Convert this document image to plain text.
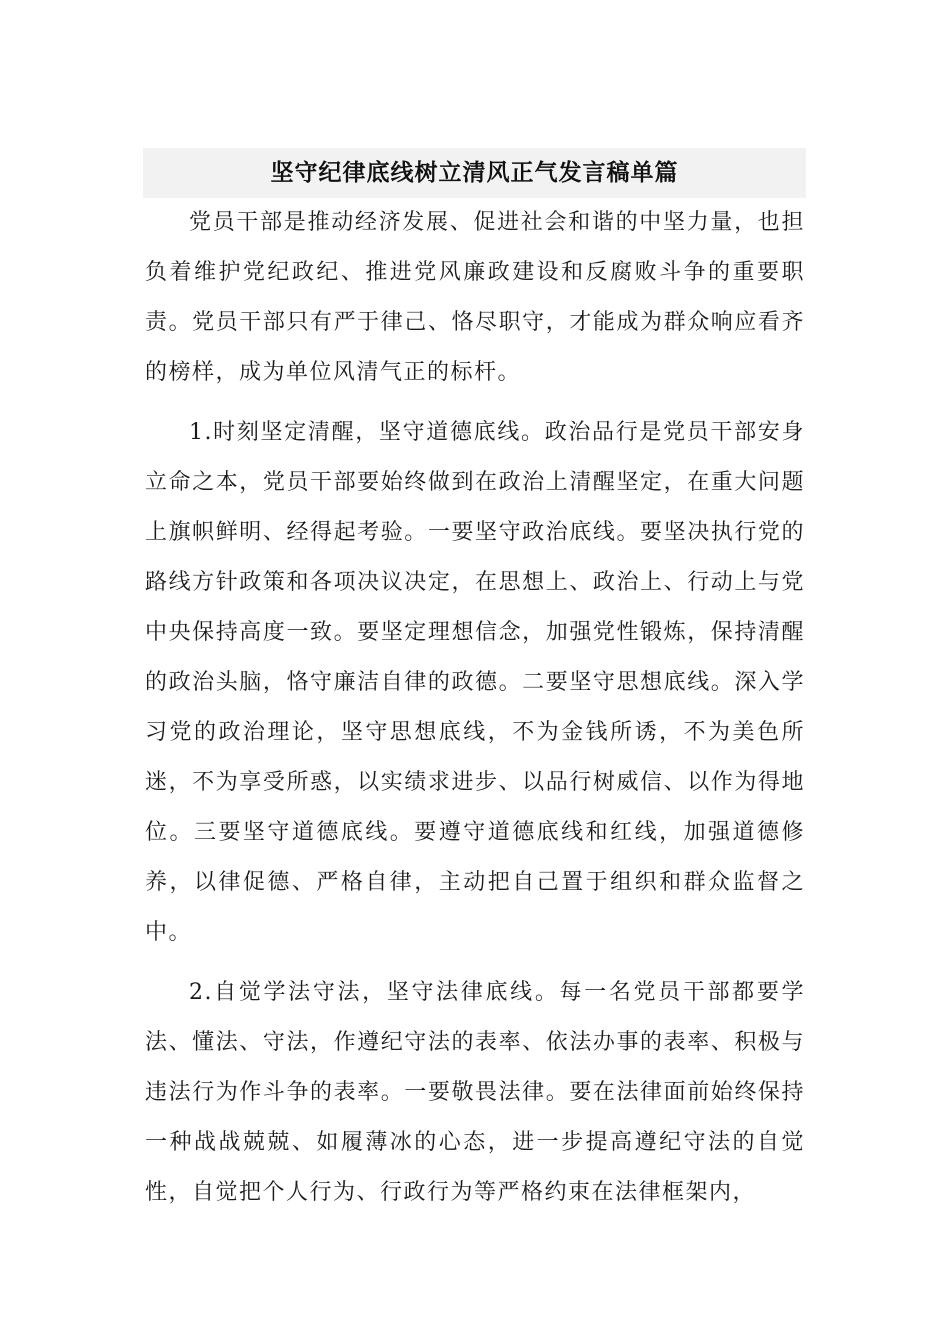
坚守纪律底线树立清风正气发言稿单篇

党员干部是推动经济发展、促进社会和谐的中坚力量，也担负着维护党纪政纪、推进党风廉政建设和反腐败斗争的重要职责。党员干部只有严于律己、恪尽职守，才能成为群众响应看齐的榜样，成为单位风清气正的标杆。

1.时刻坚定清醒，坚守道德底线。政治品行是党员干部安身立命之本，党员干部要始终做到在政治上清醒坚定，在重大问题上旗帜鲜明、经得起考验。一要坚守政治底线。要坚决执行党的路线方针政策和各项决议决定，在思想上、政治上、行动上与党中央保持高度一致。要坚定理想信念，加强党性锻炼，保持清醒的政治头脑，恪守廉洁自律的政德。二要坚守思想底线。深入学习党的政治理论，坚守思想底线，不为金钱所诱，不为美色所迷，不为享受所惑，以实绩求进步、以品行树威信、以作为得地位。三要坚守道德底线。要遵守道德底线和红线，加强道德修养，以律促德、严格自律，主动把自己置于组织和群众监督之中。

2.自觉学法守法，坚守法律底线。每一名党员干部都要学法、懂法、守法，作遵纪守法的表率、依法办事的表率、积极与违法行为作斗争的表率。一要敬畏法律。要在法律面前始终保持一种战战兢兢、如履薄冰的心态，进一步提高遵纪守法的自觉性，自觉把个人行为、行政行为等严格约束在法律框架内，
